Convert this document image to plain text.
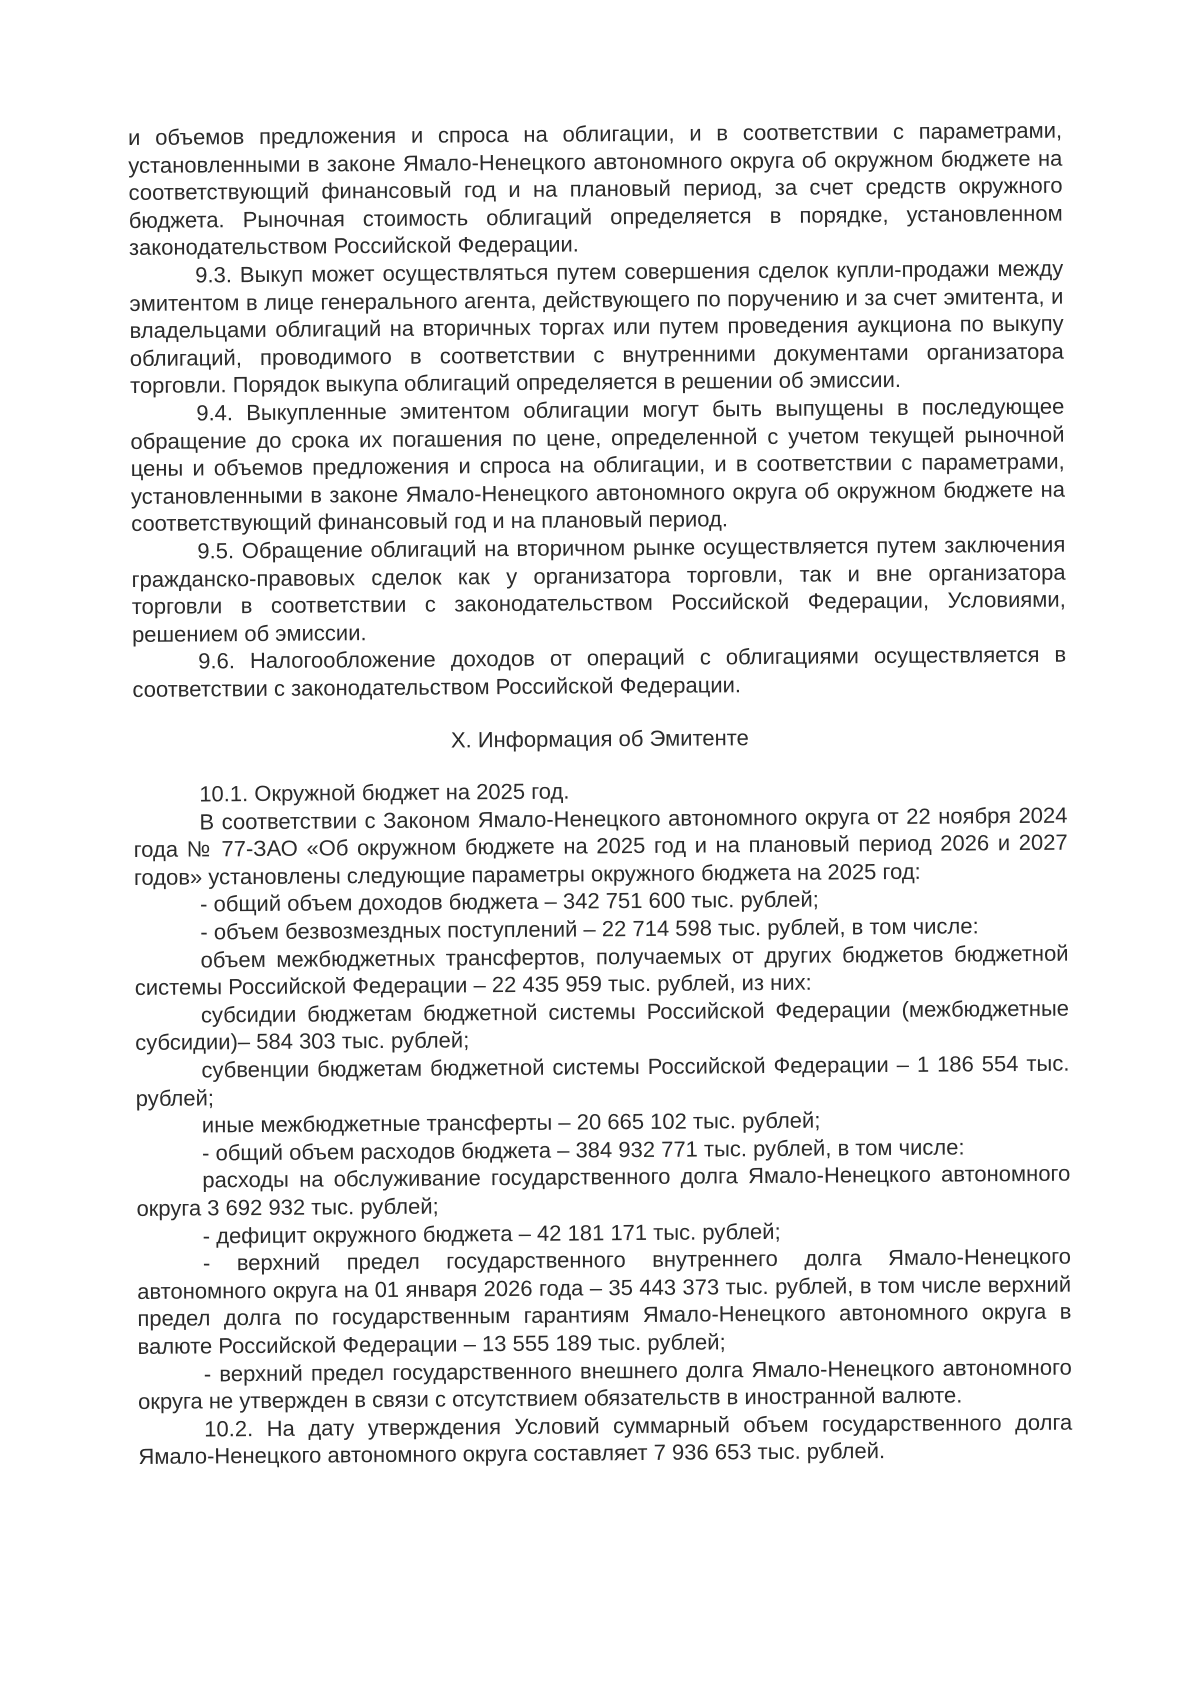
и объемов предложения и спроса на облигации, и в соответствии с параметрами, установленными в законе Ямало-Ненецкого автономного округа об окружном бюджете на соответствующий финансовый год и на плановый период, за счет средств окружного бюджета. Рыночная стоимость облигаций определяется в порядке, установленном законодательством Российской Федерации.

9.3. Выкуп может осуществляться путем совершения сделок купли-продажи между эмитентом в лице генерального агента, действующего по поручению и за счет эмитента, и владельцами облигаций на вторичных торгах или путем проведения аукциона по выкупу облигаций, проводимого в соответствии с внутренними документами организатора торговли. Порядок выкупа облигаций определяется в решении об эмиссии.

9.4. Выкупленные эмитентом облигации могут быть выпущены в последующее обращение до срока их погашения по цене, определенной с учетом текущей рыночной цены и объемов предложения и спроса на облигации, и в соответствии с параметрами, установленными в законе Ямало-Ненецкого автономного округа об окружном бюджете на соответствующий финансовый год и на плановый период.

9.5. Обращение облигаций на вторичном рынке осуществляется путем заключения гражданско-правовых сделок как у организатора торговли, так и вне организатора торговли в соответствии с законодательством Российской Федерации, Условиями, решением об эмиссии.

9.6. Налогообложение доходов от операций с облигациями осуществляется в соответствии с законодательством Российской Федерации.

X. Информация об Эмитенте

10.1. Окружной бюджет на 2025 год.

В соответствии с Законом Ямало-Ненецкого автономного округа от 22 ноября 2024 года № 77-ЗАО «Об окружном бюджете на 2025 год и на плановый период 2026 и 2027 годов» установлены следующие параметры окружного бюджета на 2025 год:

- общий объем доходов бюджета – 342 751 600 тыс. рублей;

- объем безвозмездных поступлений – 22 714 598 тыс. рублей, в том числе:

объем межбюджетных трансфертов, получаемых от других бюджетов бюджетной системы Российской Федерации – 22 435 959 тыс. рублей, из них:

субсидии бюджетам бюджетной системы Российской Федерации (межбюджетные субсидии)– 584 303 тыс. рублей;

субвенции бюджетам бюджетной системы Российской Федерации – 1 186 554 тыс. рублей;

иные межбюджетные трансферты – 20 665 102 тыс. рублей;

- общий объем расходов бюджета – 384 932 771 тыс. рублей, в том числе:

расходы на обслуживание государственного долга Ямало-Ненецкого автономного округа 3 692 932 тыс. рублей;

- дефицит окружного бюджета – 42 181 171 тыс. рублей;

- верхний предел государственного внутреннего долга Ямало-Ненецкого автономного округа на 01 января 2026 года – 35 443 373 тыс. рублей, в том числе верхний предел долга по государственным гарантиям Ямало-Ненецкого автономного округа в валюте Российской Федерации – 13 555 189 тыс. рублей;

- верхний предел государственного внешнего долга Ямало-Ненецкого автономного округа не утвержден в связи с отсутствием обязательств в иностранной валюте.

10.2. На дату утверждения Условий суммарный объем государственного долга Ямало-Ненецкого автономного округа составляет 7 936 653 тыс. рублей.
